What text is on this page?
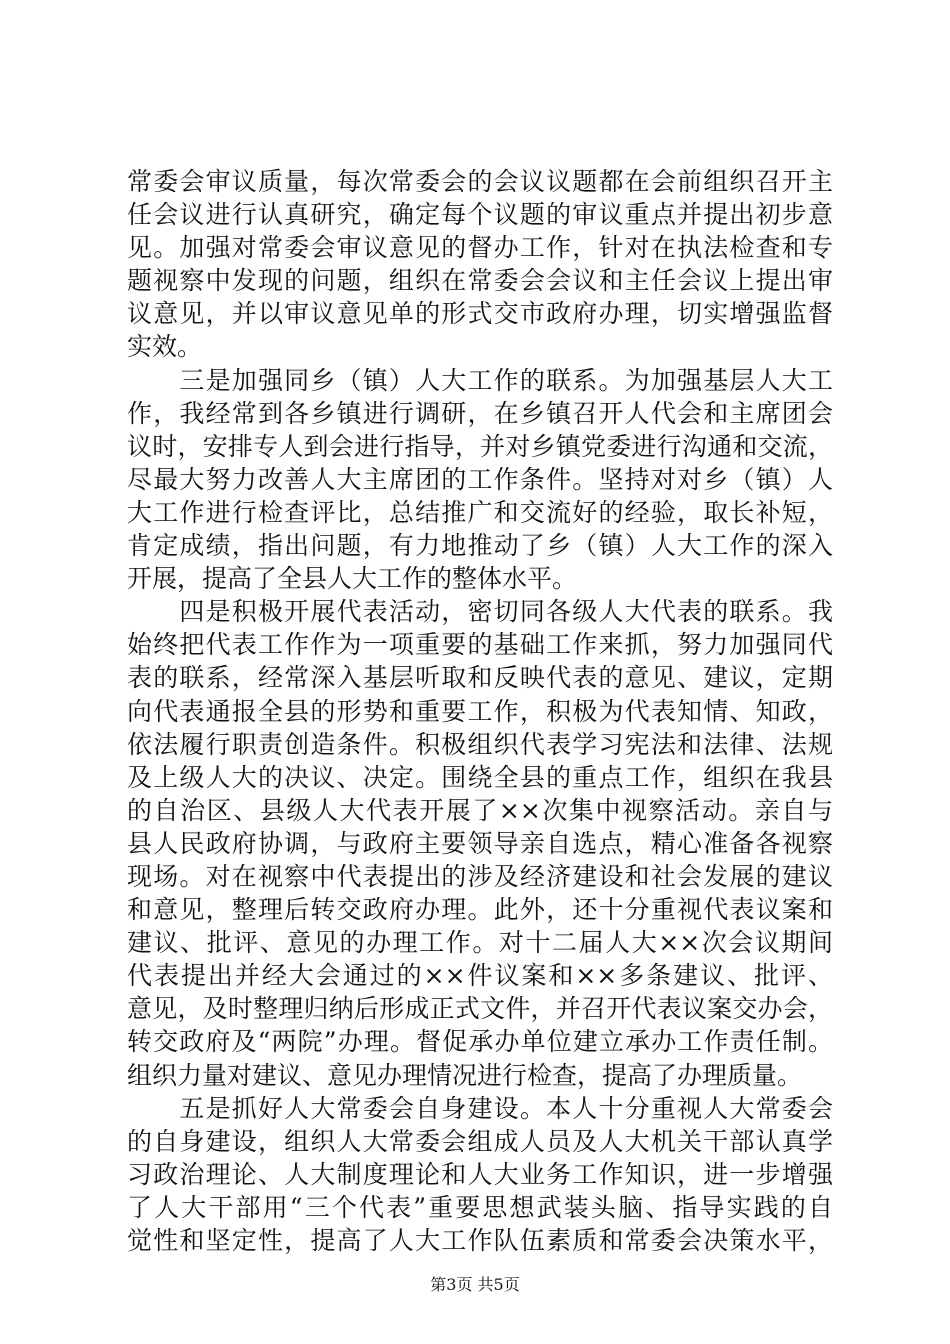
常委会审议质量，每次常委会的会议议题都在会前组织召开主
任会议进行认真研究，确定每个议题的审议重点并提出初步意
见。加强对常委会审议意见的督办工作，针对在执法检查和专
题视察中发现的问题，组织在常委会会议和主任会议上提出审
议意见，并以审议意见单的形式交市政府办理，切实增强监督
实效。
　　三是加强同乡（镇）人大工作的联系。为加强基层人大工
作，我经常到各乡镇进行调研，在乡镇召开人代会和主席团会
议时，安排专人到会进行指导，并对乡镇党委进行沟通和交流，
尽最大努力改善人大主席团的工作条件。坚持对对乡（镇）人
大工作进行检查评比，总结推广和交流好的经验，取长补短，
肯定成绩，指出问题，有力地推动了乡（镇）人大工作的深入
开展，提高了全县人大工作的整体水平。
　　四是积极开展代表活动，密切同各级人大代表的联系。我
始终把代表工作作为一项重要的基础工作来抓，努力加强同代
表的联系，经常深入基层听取和反映代表的意见、建议，定期
向代表通报全县的形势和重要工作，积极为代表知情、知政，
依法履行职责创造条件。积极组织代表学习宪法和法律、法规
及上级人大的决议、决定。围绕全县的重点工作，组织在我县
的自治区、县级人大代表开展了××次集中视察活动。亲自与
县人民政府协调，与政府主要领导亲自选点，精心准备各视察
现场。对在视察中代表提出的涉及经济建设和社会发展的建议
和意见，整理后转交政府办理。此外，还十分重视代表议案和
建议、批评、意见的办理工作。对十二届人大××次会议期间
代表提出并经大会通过的××件议案和××多条建议、批评、
意见，及时整理归纳后形成正式文件，并召开代表议案交办会，
转交政府及“两院”办理。督促承办单位建立承办工作责任制。
组织力量对建议、意见办理情况进行检查，提高了办理质量。
　　五是抓好人大常委会自身建设。本人十分重视人大常委会
的自身建设，组织人大常委会组成人员及人大机关干部认真学
习政治理论、人大制度理论和人大业务工作知识，进一步增强
了人大干部用“三个代表”重要思想武装头脑、指导实践的自
觉性和坚定性，提高了人大工作队伍素质和常委会决策水平，
第3页 共5页
